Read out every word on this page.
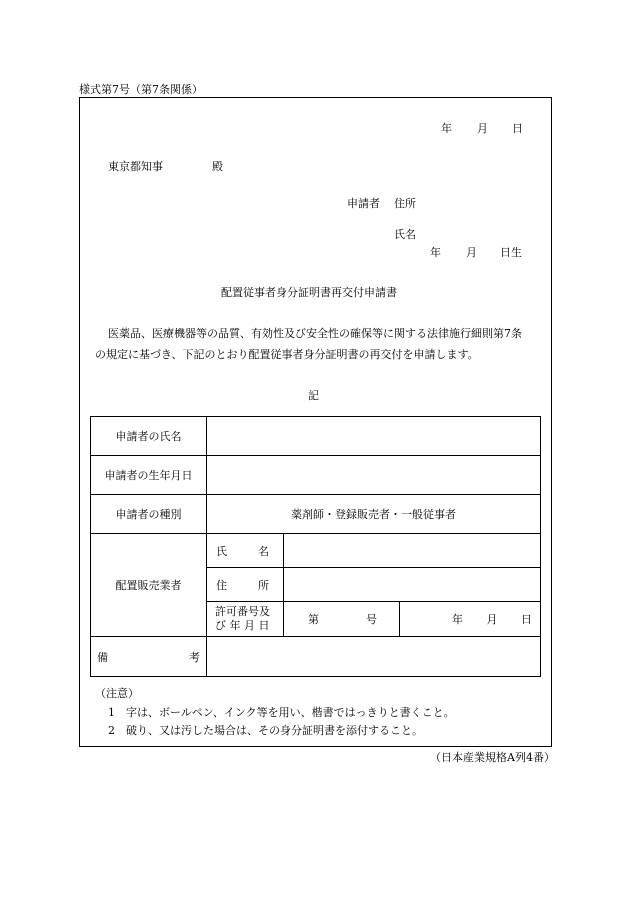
様式第7号（第7条関係）
年 月 日
東京都知事	殿
申請者 住所
氏名
年 月 日生
配置従事者身分証明書再交付申請書
医薬品、医療機器等の品質、有効性及び安全性の確保等に関する法律施行細則第7条
の規定に基づき、下記のとおり配置従事者身分証明書の再交付を申請します。
記
申請者の氏名			
申請者の生年月日			
申請者の種別	薬剤師・登録販売者・一般従事者		
配置販売業者	氏 名		

	住 所		

	許可番号及
び 年 月 日	第 号	年 月 日

備 考			

（注意）
1　字は、ボールペン、インク等を用い、楷書ではっきりと書くこと。
2　破り、又は汚した場合は、その身分証明書を添付すること。
（日本産業規格A列4番）
